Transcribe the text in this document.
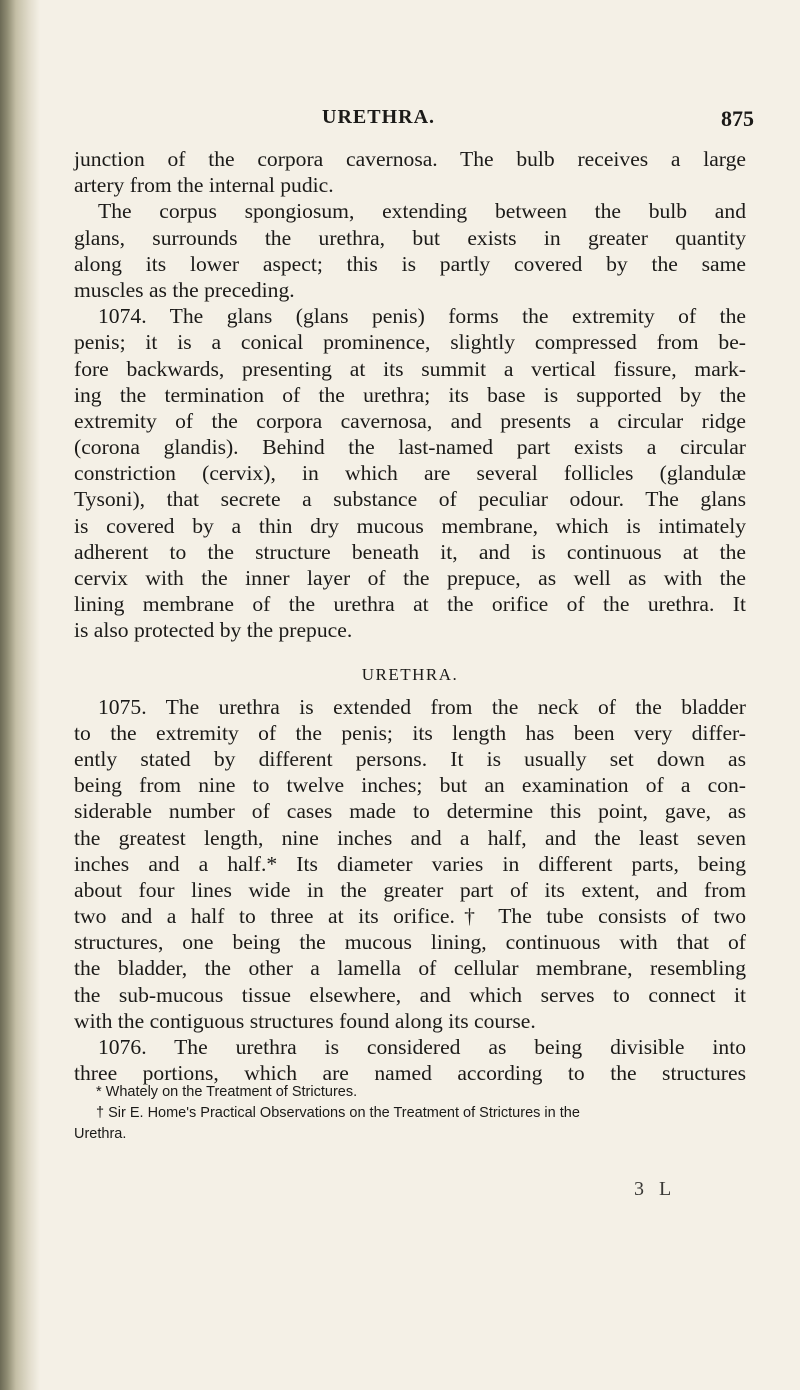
URETHRA.	875
junction of the corpora cavernosa. The bulb receives a large
artery from the internal pudic.
The corpus spongiosum, extending between the bulb and
glans, surrounds the urethra, but exists in greater quantity
along its lower aspect; this is partly covered by the same
muscles as the preceding.
1074. The glans (glans penis) forms the extremity of the
penis; it is a conical prominence, slightly compressed from be-
fore backwards, presenting at its summit a vertical fissure, mark-
ing the termination of the urethra; its base is supported by the
extremity of the corpora cavernosa, and presents a circular ridge
(corona glandis). Behind the last-named part exists a circular
constriction (cervix), in which are several follicles (glandulæ
Tysoni), that secrete a substance of peculiar odour. The glans
is covered by a thin dry mucous membrane, which is intimately
adherent to the structure beneath it, and is continuous at the
cervix with the inner layer of the prepuce, as well as with the
lining membrane of the urethra at the orifice of the urethra. It
is also protected by the prepuce.
URETHRA.
1075. The urethra is extended from the neck of the bladder
to the extremity of the penis; its length has been very differ-
ently stated by different persons. It is usually set down as
being from nine to twelve inches; but an examination of a con-
siderable number of cases made to determine this point, gave, as
the greatest length, nine inches and a half, and the least seven
inches and a half.* Its diameter varies in different parts, being
about four lines wide in the greater part of its extent, and from
two and a half to three at its orifice.† The tube consists of two
structures, one being the mucous lining, continuous with that of
the bladder, the other a lamella of cellular membrane, resembling
the sub-mucous tissue elsewhere, and which serves to connect it
with the contiguous structures found along its course.
1076. The urethra is considered as being divisible into
three portions, which are named according to the structures
* Whately on the Treatment of Strictures.
† Sir E. Home's Practical Observations on the Treatment of Strictures in the
Urethra.
3 L
